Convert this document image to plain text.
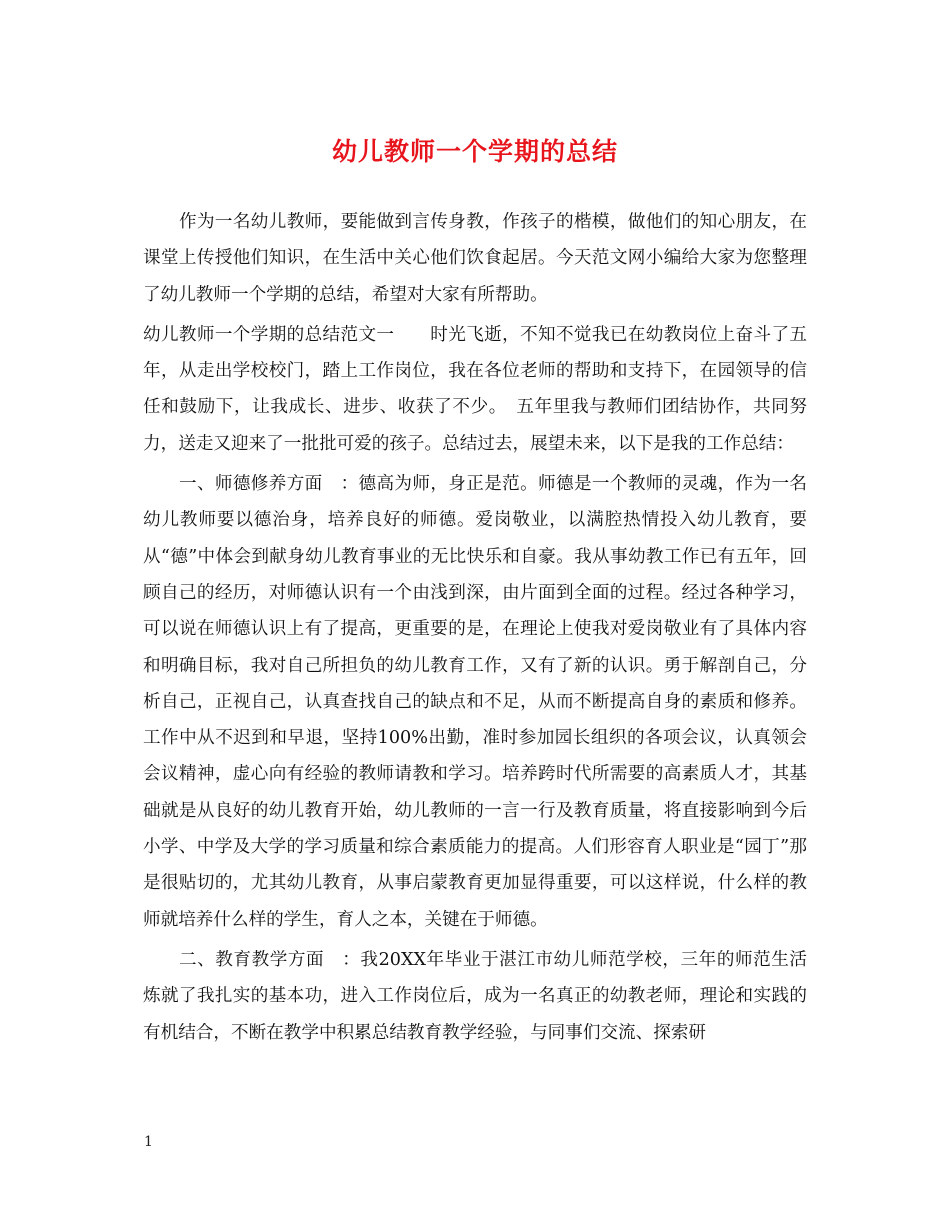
幼儿教师一个学期的总结

作为一名幼儿教师，要能做到言传身教，作孩子的楷模，做他们的知心朋友，在课堂上传授他们知识，在生活中关心他们饮食起居。今天范文网小编给大家为您整理了幼儿教师一个学期的总结，希望对大家有所帮助。

幼儿教师一个学期的总结范文一　　时光飞逝，不知不觉我已在幼教岗位上奋斗了五年，从走出学校校门，踏上工作岗位，我在各位老师的帮助和支持下，在园领导的信任和鼓励下，让我成长、进步、收获了不少。　五年里我与教师们团结协作，共同努力，送走又迎来了一批批可爱的孩子。总结过去，展望未来，以下是我的工作总结：

一、师德修养方面　：德高为师，身正是范。师德是一个教师的灵魂，作为一名幼儿教师要以德治身，培养良好的师德。爱岗敬业，以满腔热情投入幼儿教育，要从“德”中体会到献身幼儿教育事业的无比快乐和自豪。我从事幼教工作已有五年，回顾自己的经历，对师德认识有一个由浅到深，由片面到全面的过程。经过各种学习，可以说在师德认识上有了提高，更重要的是，在理论上使我对爱岗敬业有了具体内容和明确目标，我对自己所担负的幼儿教育工作，又有了新的认识。勇于解剖自己，分析自己，正视自己，认真查找自己的缺点和不足，从而不断提高自身的素质和修养。工作中从不迟到和早退，坚持100%出勤，准时参加园长组织的各项会议，认真领会会议精神，虚心向有经验的教师请教和学习。培养跨时代所需要的高素质人才，其基础就是从良好的幼儿教育开始，幼儿教师的一言一行及教育质量，将直接影响到今后小学、中学及大学的学习质量和综合素质能力的提高。人们形容育人职业是“园丁”那是很贴切的，尤其幼儿教育，从事启蒙教育更加显得重要，可以这样说，什么样的教师就培养什么样的学生，育人之本，关键在于师德。

二、教育教学方面　：我20XX年毕业于湛江市幼儿师范学校，三年的师范生活炼就了我扎实的基本功，进入工作岗位后，成为一名真正的幼教老师，理论和实践的有机结合，不断在教学中积累总结教育教学经验，与同事们交流、探索研

1
